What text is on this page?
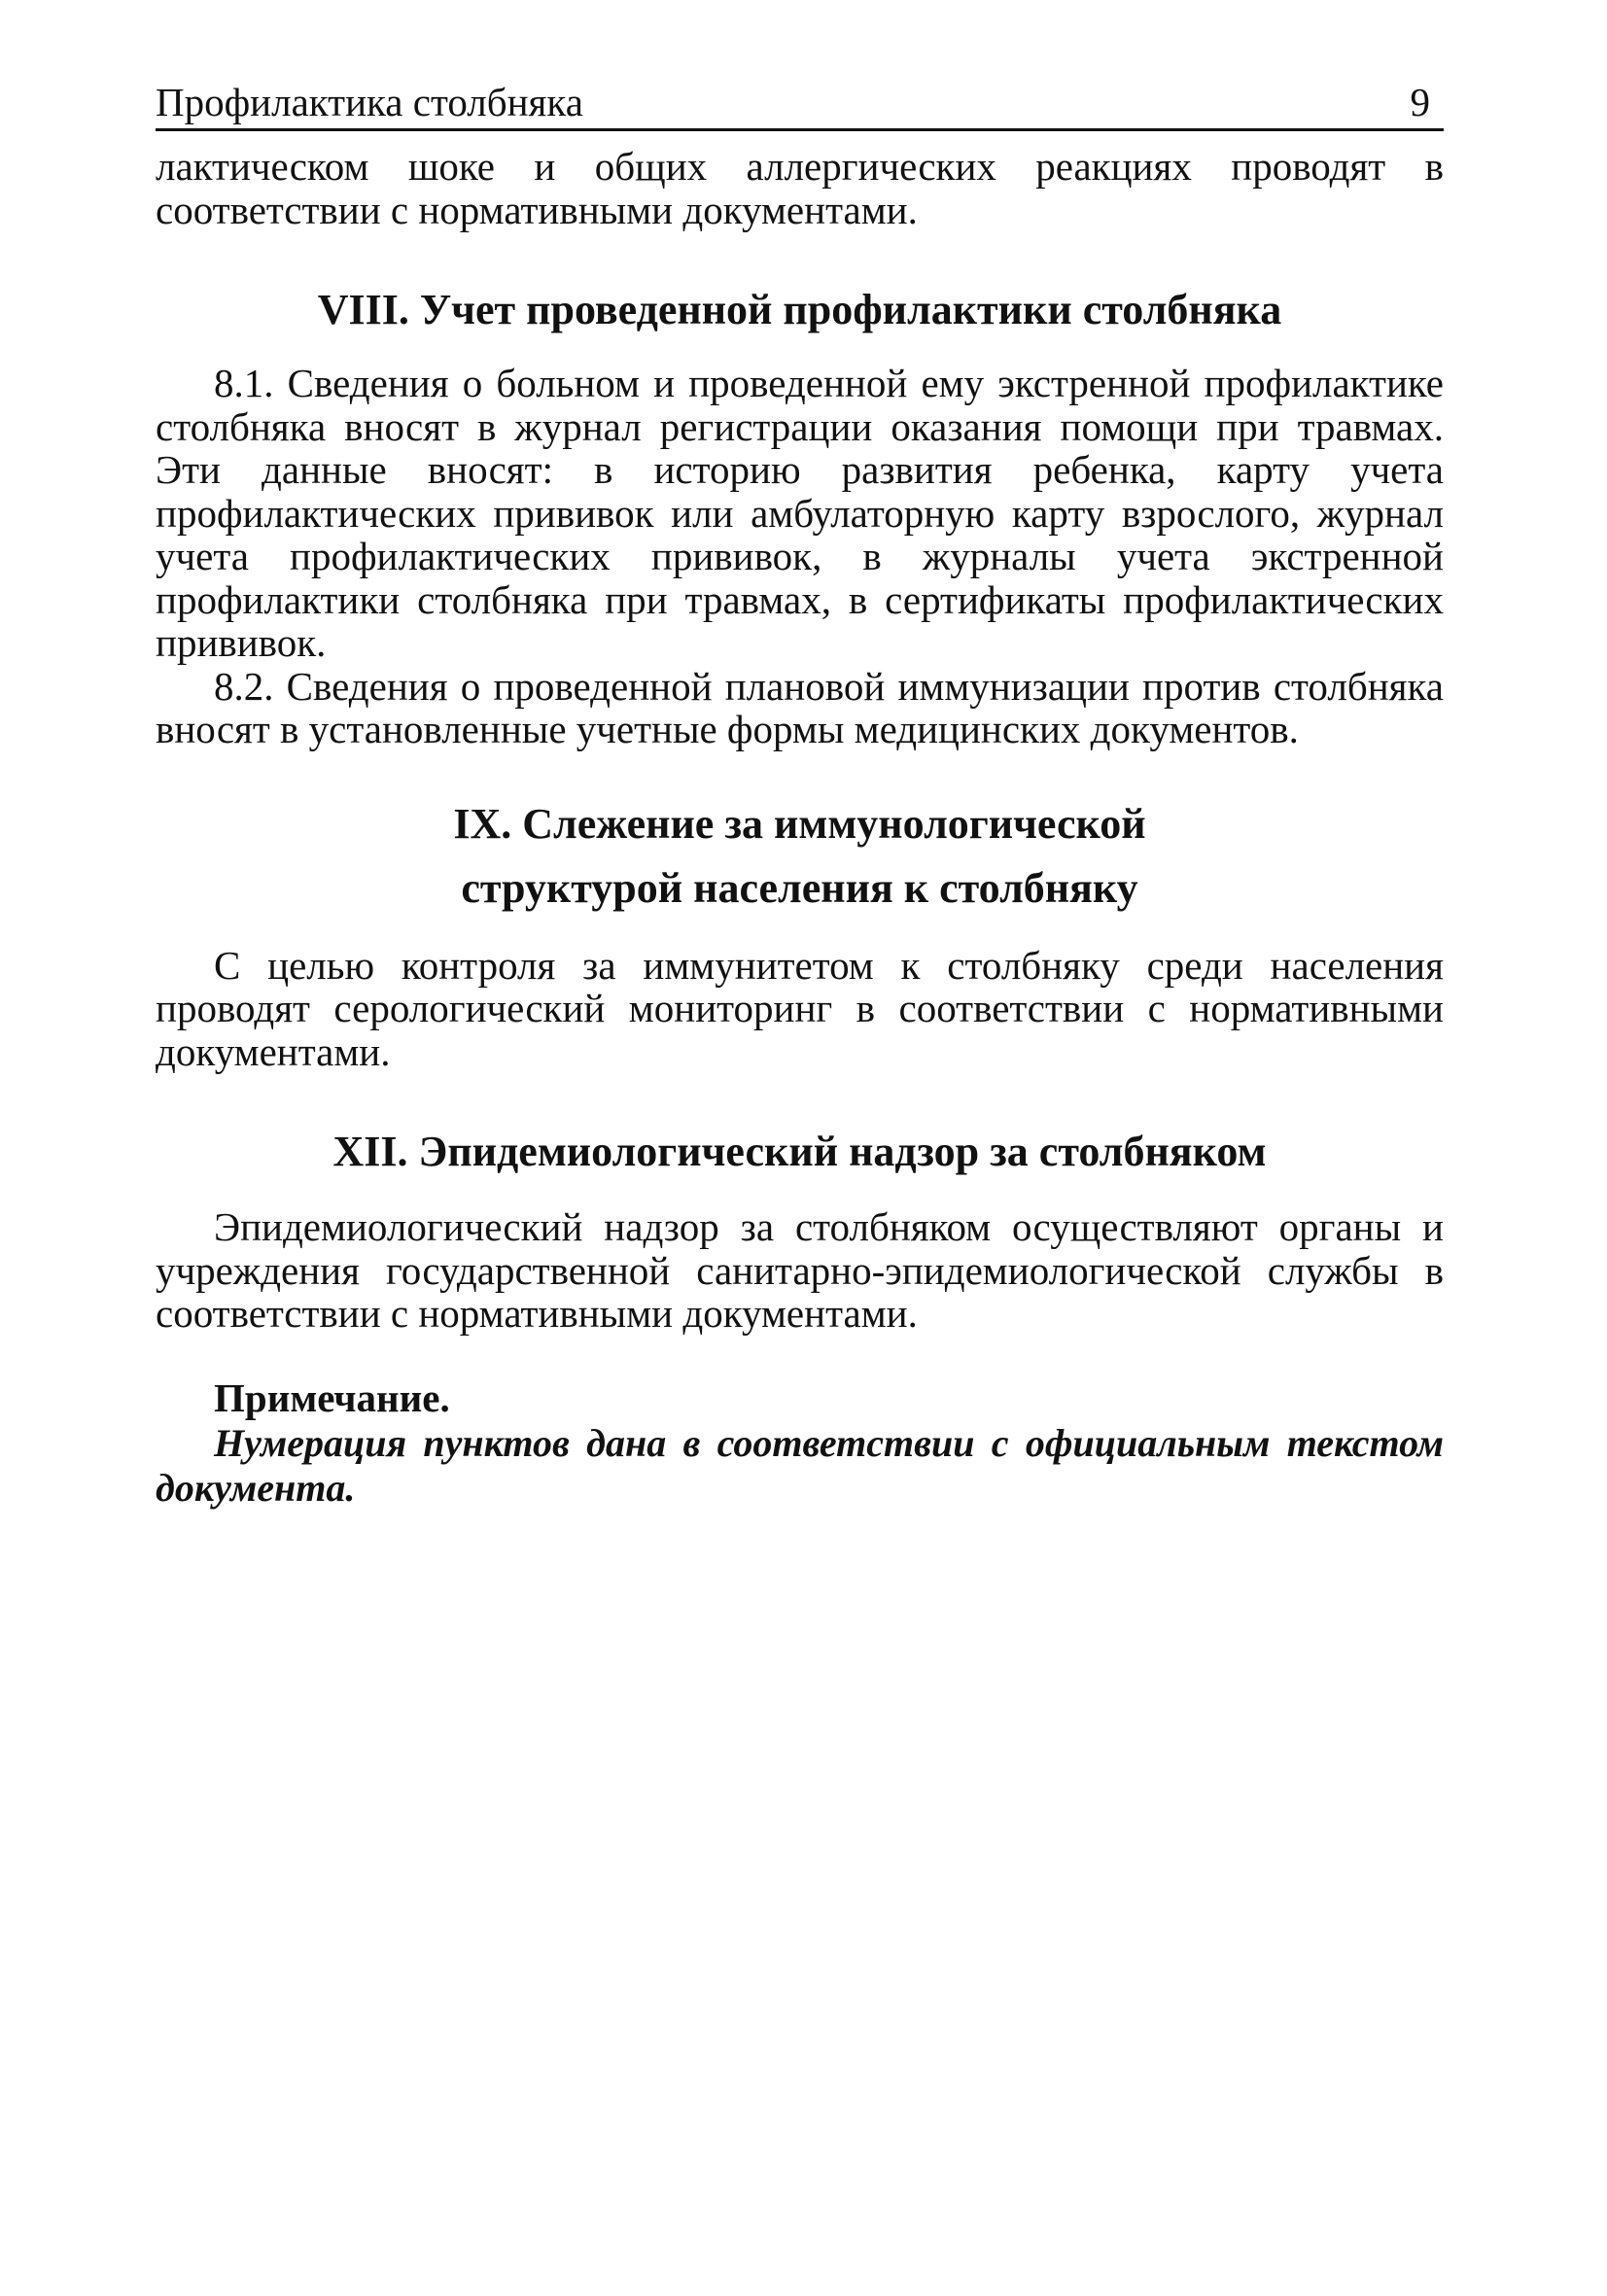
Профилактика столбняка	9

лактическом шоке и общих аллергических реакциях проводят в соответствии с нормативными документами.

VIII. Учет проведенной профилактики столбняка

8.1. Сведения о больном и проведенной ему экстренной профилактике столбняка вносят в журнал регистрации оказания помощи при травмах. Эти данные вносят: в историю развития ребенка, карту учета профилактических прививок или амбулаторную карту взрослого, журнал учета профилактических прививок, в журналы учета экстренной профилактики столбняка при травмах, в сертификаты профилактических прививок.

8.2. Сведения о проведенной плановой иммунизации против столбняка вносят в установленные учетные формы медицинских документов.

IX. Слежение за иммунологической
структурой населения к столбняку

С целью контроля за иммунитетом к столбняку среди населения проводят серологический мониторинг в соответствии с нормативными документами.

XII. Эпидемиологический надзор за столбняком

Эпидемиологический надзор за столбняком осуществляют органы и учреждения государственной санитарно-эпидемиологической службы в соответствии с нормативными документами.

Примечание.

Нумерация пунктов дана в соответствии с официальным текстом документа.
